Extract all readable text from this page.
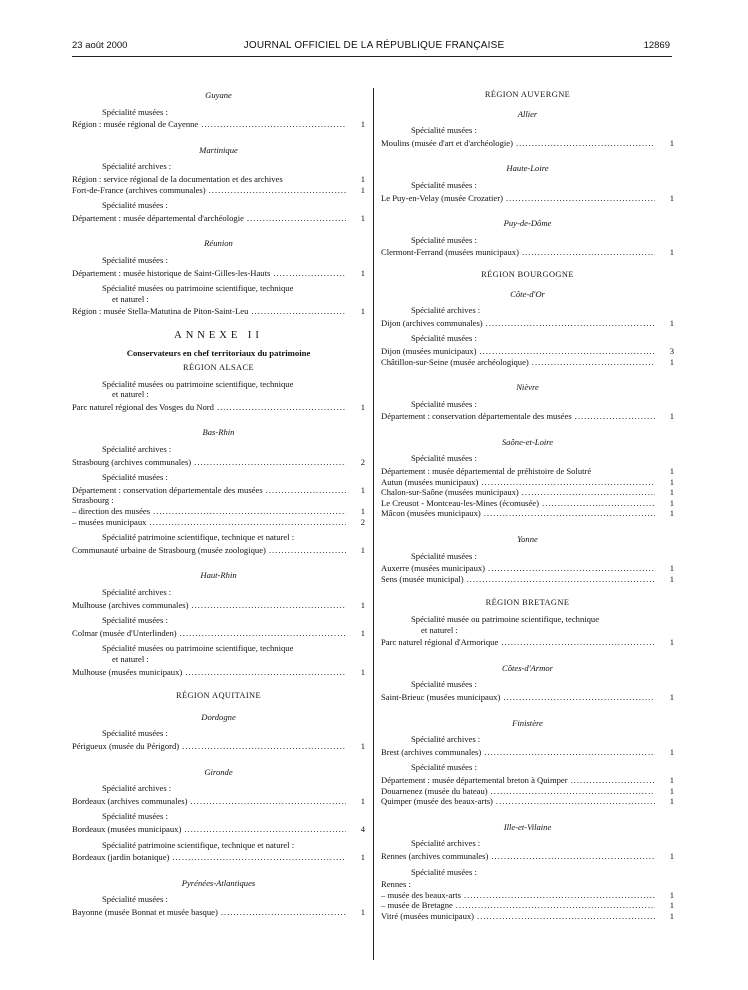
JOURNAL OFFICIEL DE LA RÉPUBLIQUE FRANÇAISE
23 août 2000	12869
Guyane
Spécialité musées :
Région : musée régional de Cayenne .....	1
Martinique
Spécialité archives :
Région : service régional de la documentation et des archives	1
Fort-de-France (archives communales) .....	1
Spécialité musées :
Département : musée départemental d'archéologie .....	1
Réunion
Spécialité musées :
Département : musée historique de Saint-Gilles-les-Hauts .....	1
Spécialité musées ou patrimoine scientifique, technique
et naturel :
Région : musée Stella-Matutina de Piton-Saint-Leu .....	1
ANNEXE II
Conservateurs en chef territoriaux du patrimoine
RÉGION ALSACE
Spécialité musées ou patrimoine scientifique, technique
et naturel :
Parc naturel régional des Vosges du Nord .....	1
Bas-Rhin
Spécialité archives :
Strasbourg (archives communales) .....	2
Spécialité musées :
Département : conservation départementale des musées .....	1
Strasbourg :
– direction des musées .....	1
– musées municipaux .....	2
Spécialité patrimoine scientifique, technique et naturel :
Communauté urbaine de Strasbourg (musée zoologique) .....	1
Haut-Rhin
Spécialité archives :
Mulhouse (archives communales) .....	1
Spécialité musées :
Colmar (musée d'Unterlinden) .....	1
Spécialité musées ou patrimoine scientifique, technique
et naturel :
Mulhouse (musées municipaux) .....	1
RÉGION AQUITAINE
Dordogne
Spécialité musées :
Périgueux (musée du Périgord) .....	1
Gironde
Spécialité archives :
Bordeaux (archives communales) .....	1
Spécialité musées :
Bordeaux (musées municipaux) .....	4
Spécialité patrimoine scientifique, technique et naturel :
Bordeaux (jardin botanique) .....	1
Pyrénées-Atlantiques
Spécialité musées :
Bayonne (musée Bonnat et musée basque) .....	1
RÉGION AUVERGNE
Allier
Spécialité musées :
Moulins (musée d'art et d'archéologie) .....	1
Haute-Loire
Spécialité musées :
Le Puy-en-Velay (musée Crozatier) .....	1
Puy-de-Dôme
Spécialité musées :
Clermont-Ferrand (musées municipaux) .....	1
RÉGION BOURGOGNE
Côte-d'Or
Spécialité archives :
Dijon (archives communales) .....	1
Spécialité musées :
Dijon (musées municipaux) .....	3
Châtillon-sur-Seine (musée archéologique) .....	1
Nièvre
Spécialité musées :
Département : conservation départementale des musées .....	1
Saône-et-Loire
Spécialité musées :
Département : musée départemental de préhistoire de Solutré	1
Autun (musées municipaux) .....	1
Chalon-sur-Saône (musées municipaux) .....	1
Le Creusot - Montceau-les-Mines (écomusée) .....	1
Mâcon (musées municipaux) .....	1
Yonne
Spécialité musées :
Auxerre (musées municipaux) .....	1
Sens (musée municipal) .....	1
RÉGION BRETAGNE
Spécialité musée ou patrimoine scientifique, technique
et naturel :
Parc naturel régional d'Armorique .....	1
Côtes-d'Armor
Spécialité musées :
Saint-Brieuc (musées municipaux) .....	1
Finistère
Spécialité archives :
Brest (archives communales) .....	1
Spécialité musées :
Département : musée départemental breton à Quimper .....	1
Douarnenez (musée du bateau) .....	1
Quimper (musée des beaux-arts) .....	1
Ille-et-Vilaine
Spécialité archives :
Rennes (archives communales) .....	1
Spécialité musées :
Rennes :
– musée des beaux-arts .....	1
– musée de Bretagne .....	1
Vitré (musées municipaux) .....	1
